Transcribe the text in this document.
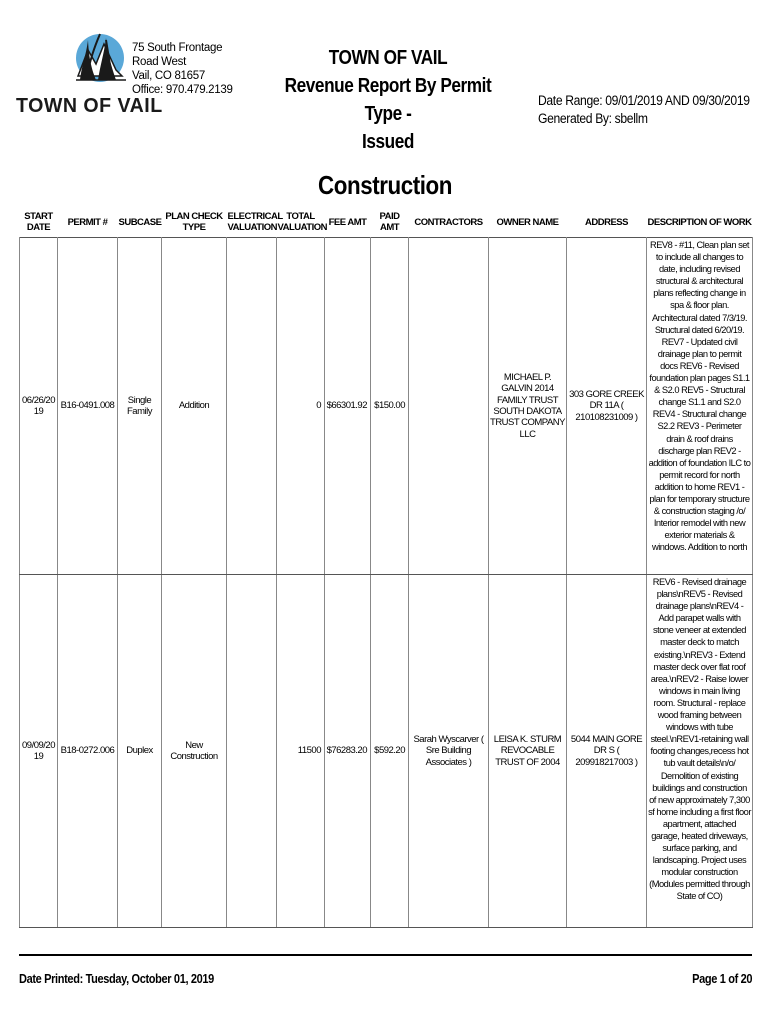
TOWN OF VAIL
75 South Frontage
Road West
Vail, CO 81657
Office: 970.479.2139
TOWN OF VAIL
Revenue Report By Permit Type -
Issued
Date Range: 09/01/2019 AND 09/30/2019
Generated By: sbellm
Construction
START DATE	PERMIT #	SUBCASE	PLAN CHECK TYPE	ELECTRICAL VALUATION	TOTAL VALUATION	FEE AMT	PAID AMT	CONTRACTORS	OWNER NAME	ADDRESS	DESCRIPTION OF WORK
06/26/2019	B16-0491.008	Single Family	Addition		0	$66301.92	$150.00		MICHAEL P. GALVIN 2014 FAMILY TRUST SOUTH DAKOTA TRUST COMPANY LLC	303 GORE CREEK DR 11A ( 210108231009 )	REV8 - #11, Clean plan set to include all changes to date, including revised structural & architectural plans reflecting change in spa & floor plan. Architectural dated 7/3/19. Structural dated 6/20/19. REV7 - Updated civil drainage plan to permit docs REV6 - Revised foundation plan pages S1.1 & S2.0 REV5 - Structural change S1.1 and S2.0 REV4 - Structural change S2.2 REV3 - Perimeter drain & roof drains discharge plan REV2 - addition of foundation ILC to permit record for north addition to home REV1 - plan for temporary structure & construction staging /o/ Interior remodel with new exterior materials & windows. Addition to north
09/09/2019	B18-0272.006	Duplex	New Construction		11500	$76283.20	$592.20	Sarah Wyscarver ( Sre Building Associates )	LEISA K. STURM REVOCABLE TRUST OF 2004	5044 MAIN GORE DR S ( 209918217003 )	REV6 - Revised drainage plans\nREV5 - Revised drainage plans\nREV4 - Add parapet walls with stone veneer at extended master deck to match existing.\nREV3 - Extend master deck over flat roof area.\nREV2 - Raise lower windows in main living room. Structural - replace wood framing between windows with tube steel.\nREV1-retaining wall footing changes,recess hot tub vault details\n/o/ Demolition of existing buildings and construction of new approximately 7,300 sf home including a first floor apartment, attached garage, heated driveways, surface parking, and landscaping. Project uses modular construction (Modules permitted through State of CO)
Date Printed: Tuesday, October 01, 2019	Page 1 of 20
